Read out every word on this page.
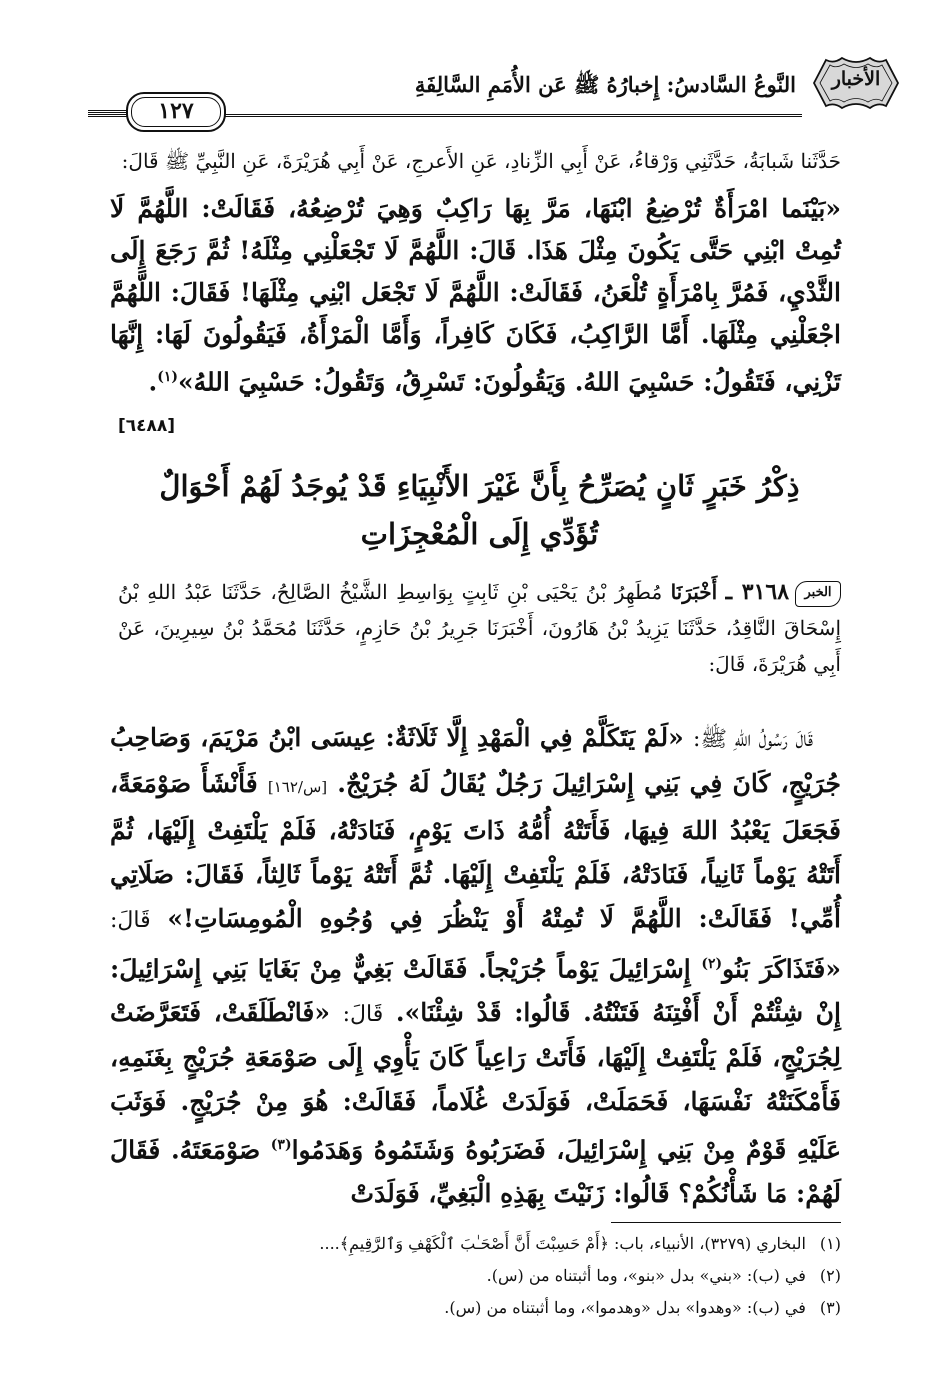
١٢٧
النَّوعُ السَّادسُ: إِخبارُهُ ﷺ عَن الأُمَمِ السَّالِفَةِ	الأخبار
حَدَّثَنا شَبابَةُ، حَدَّثَنِي وَرْقاءُ، عَنْ أَبِي الزِّنادِ، عَنِ الأَعرجِ، عَنْ أَبِي هُرَيْرَةَ، عَنِ النَّبِيِّ ﷺ قَالَ:
«بَيْنَما امْرَأَةٌ تُرْضِعُ ابْنَهَا، مَرَّ بِهَا رَاكِبٌ وَهِيَ تُرْضِعُهُ، فَقَالَتْ: اللَّهُمَّ لَا تُمِتْ ابْنِي حَتَّى يَكُونَ مِثْلَ هَذَا. قَالَ: اللَّهُمَّ لَا تَجْعَلْنِي مِثْلَهُ! ثُمَّ رَجَعَ إِلَى الثَّدْيِ، فَمُرَّ بِامْرَأَةٍ تُلْعَنُ، فَقَالَتْ: اللَّهُمَّ لَا تَجْعَل ابْنِي مِثْلَهَا! فَقَالَ: اللَّهُمَّ اجْعَلْنِي مِثْلَهَا. أَمَّا الرَّاكِبُ، فَكَانَ كَافِراً، وَأَمَّا الْمَرْأَةُ، فَيَقُولُونَ لَهَا: إِنَّهَا تَزْنِي، فَتَقُولُ: حَسْبِيَ اللهُ. وَيَقُولُونَ: تَسْرِقُ، وَتَقُولُ: حَسْبِيَ اللهُ»$^{(١)}$.
[٦٤٨٨]
ذِكْرُ خَبَرٍ ثَانٍ يُصَرِّحُ بِأَنَّ غَيْرَ الأَنْبِيَاءِ قَدْ يُوجَدُ لَهُمْ أَحْوَالٌ
تُؤَدِّي إِلَى الْمُعْجِزَاتِ
الخبر٣١٦٨ ـ أَخْبَرَنَا مُطَهِرُ بْنُ يَحْيَى بْنِ ثَابِتٍ بِوَاسِطِ الشَّيْخُ الصَّالِحُ، حَدَّثَنَا عَبْدُ اللهِ بْنُ إِسْحَاقَ النَّاقِدُ، حَدَّثَنَا يَزِيدُ بْنُ هَارُونَ، أَخْبَرَنَا جَرِيرُ بْنُ حَازِمٍ، حَدَّثَنَا مُحَمَّدُ بْنُ سِيرِينَ، عَنْ أَبِي هُرَيْرَةَ، قَالَ:
قَالَ رَسُولُ اللهِ ﷺ: «لَمْ يَتَكَلَّمْ فِي الْمَهْدِ إِلَّا ثَلَاثَةٌ: عِيسَى ابْنُ مَرْيَمَ، وَصَاحِبُ جُرَيْجٍ، كَانَ فِي بَنِي إِسْرَائِيلَ رَجُلٌ يُقَالُ لَهُ جُرَيْجٌ. [س/١٦٢] فَأَنْشَأَ صَوْمَعَةً، فَجَعَلَ يَعْبُدُ اللهَ فِيهَا، فَأَتَتْهُ أُمُّهُ ذَاتَ يَوْمٍ، فَنَادَتْهُ، فَلَمْ يَلْتَفِتْ إِلَيْهَا، ثُمَّ أَتَتْهُ يَوْماً ثَانِياً، فَنَادَتْهُ، فَلَمْ يَلْتَفِتْ إِلَيْهَا. ثُمَّ أَتَتْهُ يَوْماً ثَالِثاً، فَقَالَ: صَلَاتِي أُمِّي! فَقَالَتْ: اللَّهُمَّ لَا تُمِتْهُ أَوْ يَنْظُرَ فِي وُجُوهِ الْمُومِسَاتِ!» قَالَ: «فَتَذَاكَرَ بَنُو$^{(٢)}$ إِسْرَائِيلَ يَوْماً جُرَيْجاً. فَقَالَتْ بَغِيٌّ مِنْ بَغَايَا بَنِي إِسْرَائِيلَ: إِنْ شِئْتُمْ أَنْ أَفْتِنَهُ فَتَنْتُهُ. قَالُوا: قَدْ شِئْنَا». قَالَ: «فَانْطَلَقَتْ، فَتَعَرَّضَتْ لِجُرَيْجٍ، فَلَمْ يَلْتَفِتْ إِلَيْهَا، فَأَتَتْ رَاعِياً كَانَ يَأْوِي إِلَى صَوْمَعَةِ جُرَيْجٍ بِغَنَمِهِ، فَأَمْكَنَتْهُ نَفْسَهَا، فَحَمَلَتْ، فَوَلَدَتْ غُلَاماً، فَقَالَتْ: هُوَ مِنْ جُرَيْجٍ. فَوَثَبَ عَلَيْهِ قَوْمٌ مِنْ بَنِي إِسْرَائِيلَ، فَضَرَبُوهُ وَشَتَمُوهُ وَهَدَمُوا$^{(٣)}$ صَوْمَعَتَهُ. فَقَالَ لَهُمْ: مَا شَأْنُكُمْ؟ قَالُوا: زَنَيْتَ بِهَذِهِ الْبَغِيِّ، فَوَلَدَتْ
(١)البخاري (٣٢٧٩)، الأنبياء، باب: ﴿أَمْ حَسِبْتَ أَنَّ أَصْحَـٰبَ ٱلْكَهْفِ وَٱلرَّقِيمِ﴾....
(٢)في (ب): «بني» بدل «بنو»، وما أثبتناه من (س).
(٣)في (ب): «وهدوا» بدل «وهدموا»، وما أثبتناه من (س).
